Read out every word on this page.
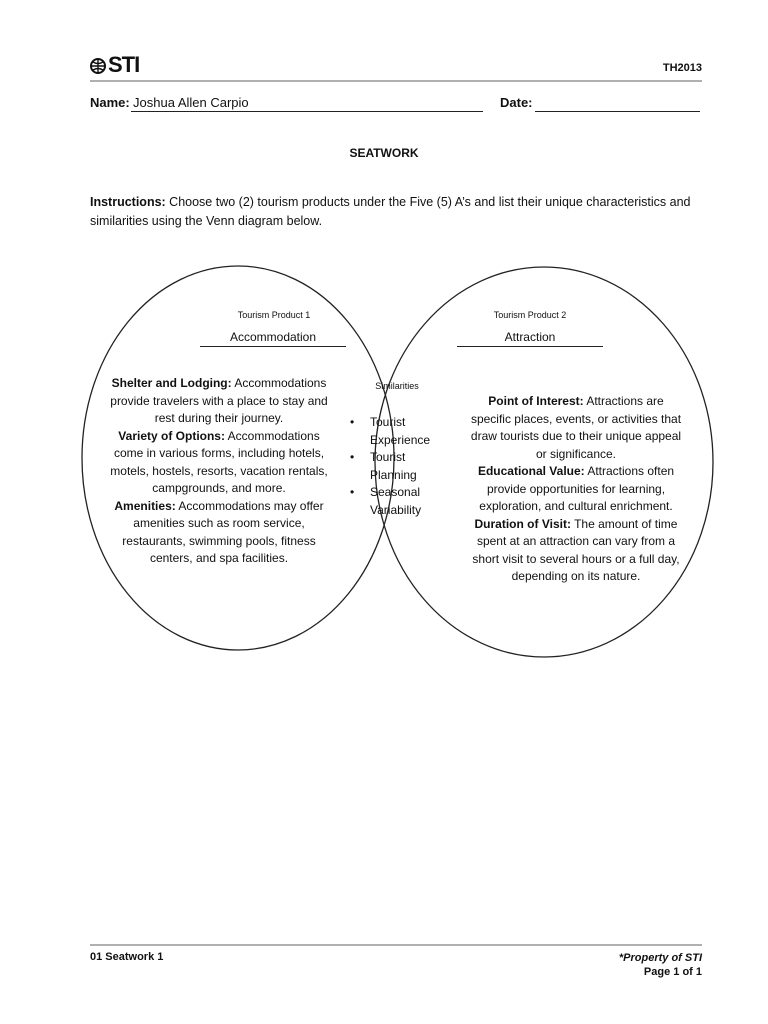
STI	TH2013
Name: Joshua Allen Carpio	Date:
SEATWORK
Instructions: Choose two (2) tourism products under the Five (5) A’s and list their unique characteristics and similarities using the Venn diagram below.
Tourism Product 1
Accommodation
Shelter and Lodging: Accommodations provide travelers with a place to stay and rest during their journey.
Variety of Options: Accommodations come in various forms, including hotels, motels, hostels, resorts, vacation rentals, campgrounds, and more.
Amenities: Accommodations may offer amenities such as room service, restaurants, swimming pools, fitness centers, and spa facilities.
Similarities
• Tourist Experience
• Tourist Planning
• Seasonal Variability
Tourism Product 2
Attraction
Point of Interest: Attractions are specific places, events, or activities that draw tourists due to their unique appeal or significance.
Educational Value: Attractions often provide opportunities for learning, exploration, and cultural enrichment.
Duration of Visit: The amount of time spent at an attraction can vary from a short visit to several hours or a full day, depending on its nature.
01 Seatwork 1	*Property of STI
Page 1 of 1
